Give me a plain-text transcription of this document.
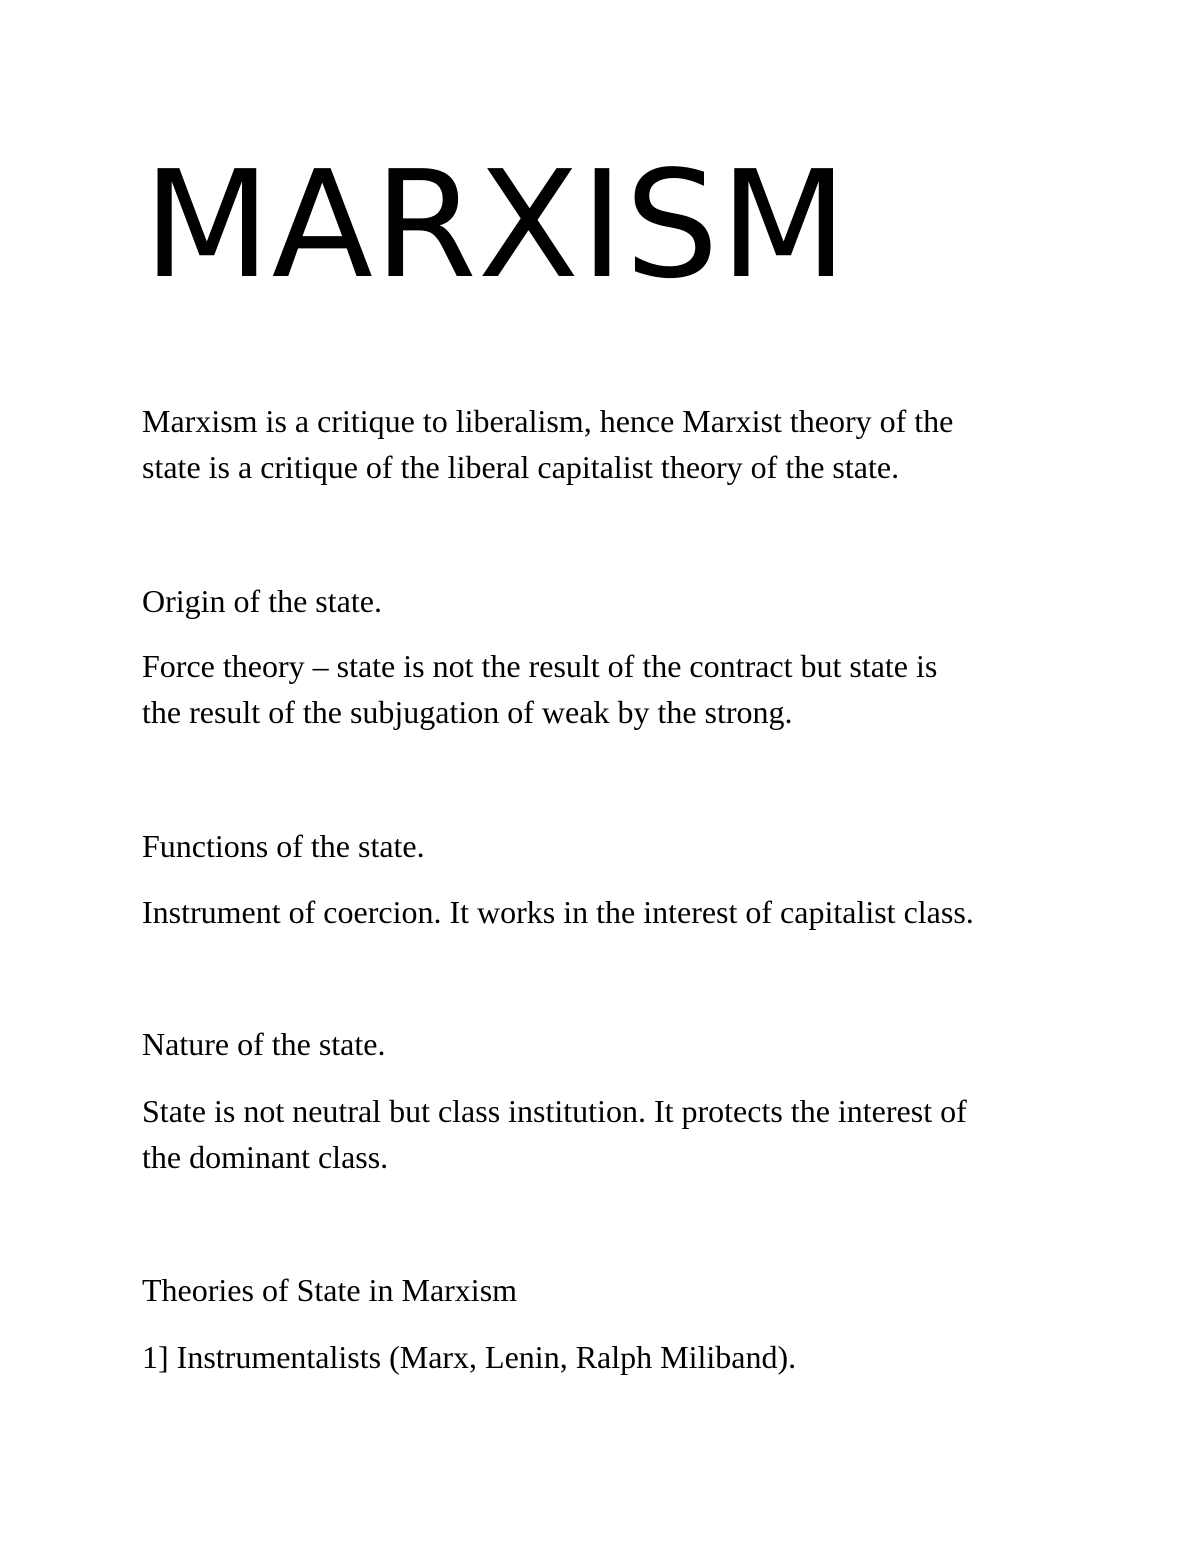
MARXISM

Marxism is a critique to liberalism, hence Marxist theory of the
state is a critique of the liberal capitalist theory of the state.

Origin of the state.

Force theory – state is not the result of the contract but state is
the result of the subjugation of weak by the strong.

Functions of the state.

Instrument of coercion. It works in the interest of capitalist class.

Nature of the state.

State is not neutral but class institution. It protects the interest of
the dominant class.

Theories of State in Marxism

1] Instrumentalists (Marx, Lenin, Ralph Miliband).
